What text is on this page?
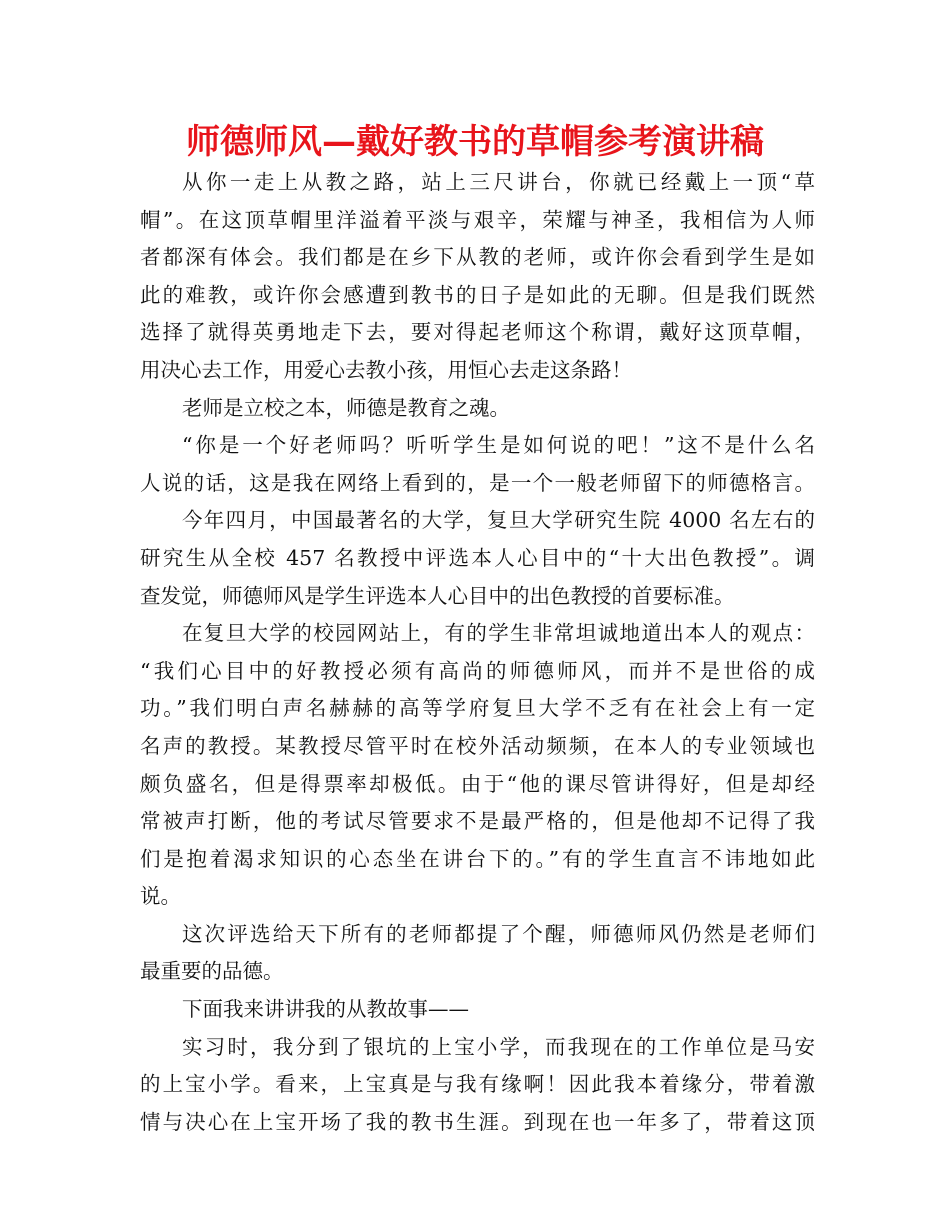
师德师风—戴好教书的草帽参考演讲稿
从你一走上从教之路，站上三尺讲台，你就已经戴上一顶“草
帽”。在这顶草帽里洋溢着平淡与艰辛，荣耀与神圣，我相信为人师
者都深有体会。我们都是在乡下从教的老师，或许你会看到学生是如
此的难教，或许你会感遭到教书的日子是如此的无聊。但是我们既然
选择了就得英勇地走下去，要对得起老师这个称谓，戴好这顶草帽，
用决心去工作，用爱心去教小孩，用恒心去走这条路！
老师是立校之本，师德是教育之魂。
“你是一个好老师吗？听听学生是如何说的吧！”这不是什么名
人说的话，这是我在网络上看到的，是一个一般老师留下的师德格言。
今年四月，中国最著名的大学，复旦大学研究生院 4000 名左右的
研究生从全校 457 名教授中评选本人心目中的“十大出色教授”。调
查发觉，师德师风是学生评选本人心目中的出色教授的首要标准。
在复旦大学的校园网站上，有的学生非常坦诚地道出本人的观点：
“我们心目中的好教授必须有高尚的师德师风，而并不是世俗的成
功。”我们明白声名赫赫的高等学府复旦大学不乏有在社会上有一定
名声的教授。某教授尽管平时在校外活动频频，在本人的专业领域也
颇负盛名，但是得票率却极低。由于“他的课尽管讲得好，但是却经
常被声打断，他的考试尽管要求不是最严格的，但是他却不记得了我
们是抱着渴求知识的心态坐在讲台下的。”有的学生直言不讳地如此
说。
这次评选给天下所有的老师都提了个醒，师德师风仍然是老师们
最重要的品德。
下面我来讲讲我的从教故事——
实习时，我分到了银坑的上宝小学，而我现在的工作单位是马安
的上宝小学。看来，上宝真是与我有缘啊！因此我本着缘分，带着激
情与决心在上宝开场了我的教书生涯。到现在也一年多了，带着这顶
